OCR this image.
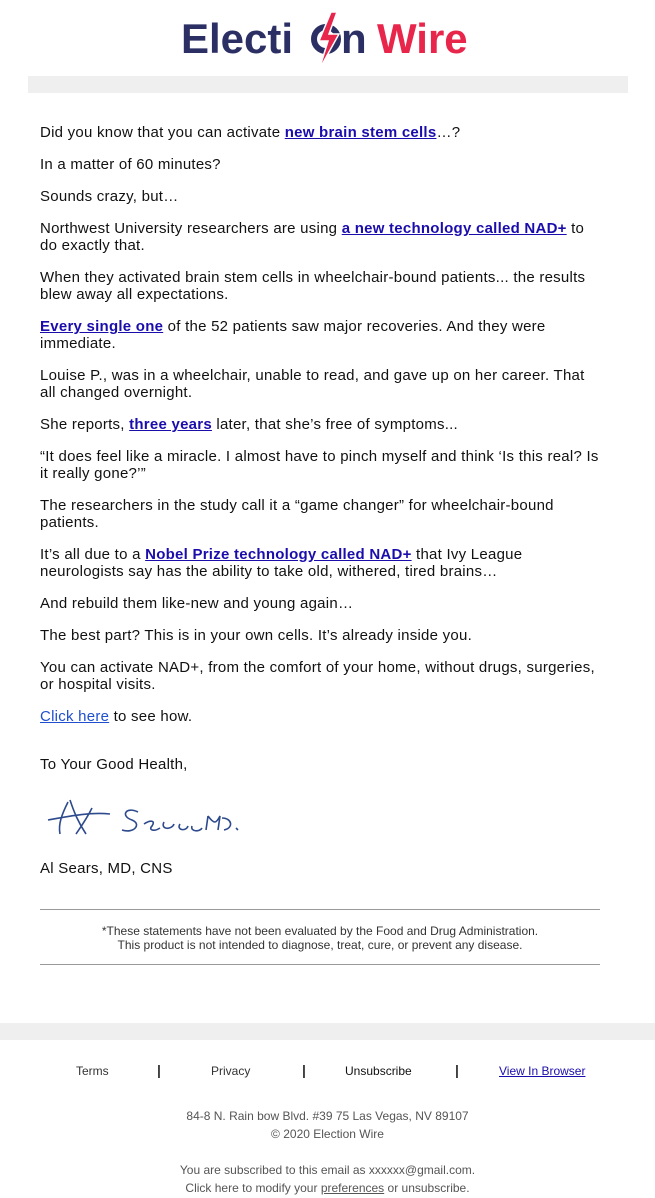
Electi n Wire

Did you know that you can activate new brain stem cells…?

In a matter of 60 minutes?

Sounds crazy, but…

Northwest University researchers are using a new technology called NAD+ to do exactly that.

When they activated brain stem cells in wheelchair-bound patients... the results blew away all expectations.

Every single one of the 52 patients saw major recoveries. And they were immediate.

Louise P., was in a wheelchair, unable to read, and gave up on her career. That all changed overnight.

She reports, three years later, that she’s free of symptoms...

“It does feel like a miracle. I almost have to pinch myself and think ‘Is this real? Is it really gone?’”

The researchers in the study call it a “game changer” for wheelchair-bound patients.

It’s all due to a Nobel Prize technology called NAD+ that Ivy League neurologists say has the ability to take old, withered, tired brains…

And rebuild them like-new and young again…

The best part? This is in your own cells. It’s already inside you.

You can activate NAD+, from the comfort of your home, without drugs, surgeries, or hospital visits.

Click here to see how.

To Your Good Health,
Al Sears, MD.
Al Sears, MD, CNS
*These statements have not been evaluated by the Food and Drug Administration.
This product is not intended to diagnose, treat, cure, or prevent any disease.
Terms	|	Privacy	|	Unsubscribe	|	View In Browser
84-8 N. Rain bow Blvd. #39 75 Las Vegas, NV 89107
© 2020 Election Wire
You are subscribed to this email as xxxxxx@gmail.com.
Click here to modify your preferences or unsubscribe.
